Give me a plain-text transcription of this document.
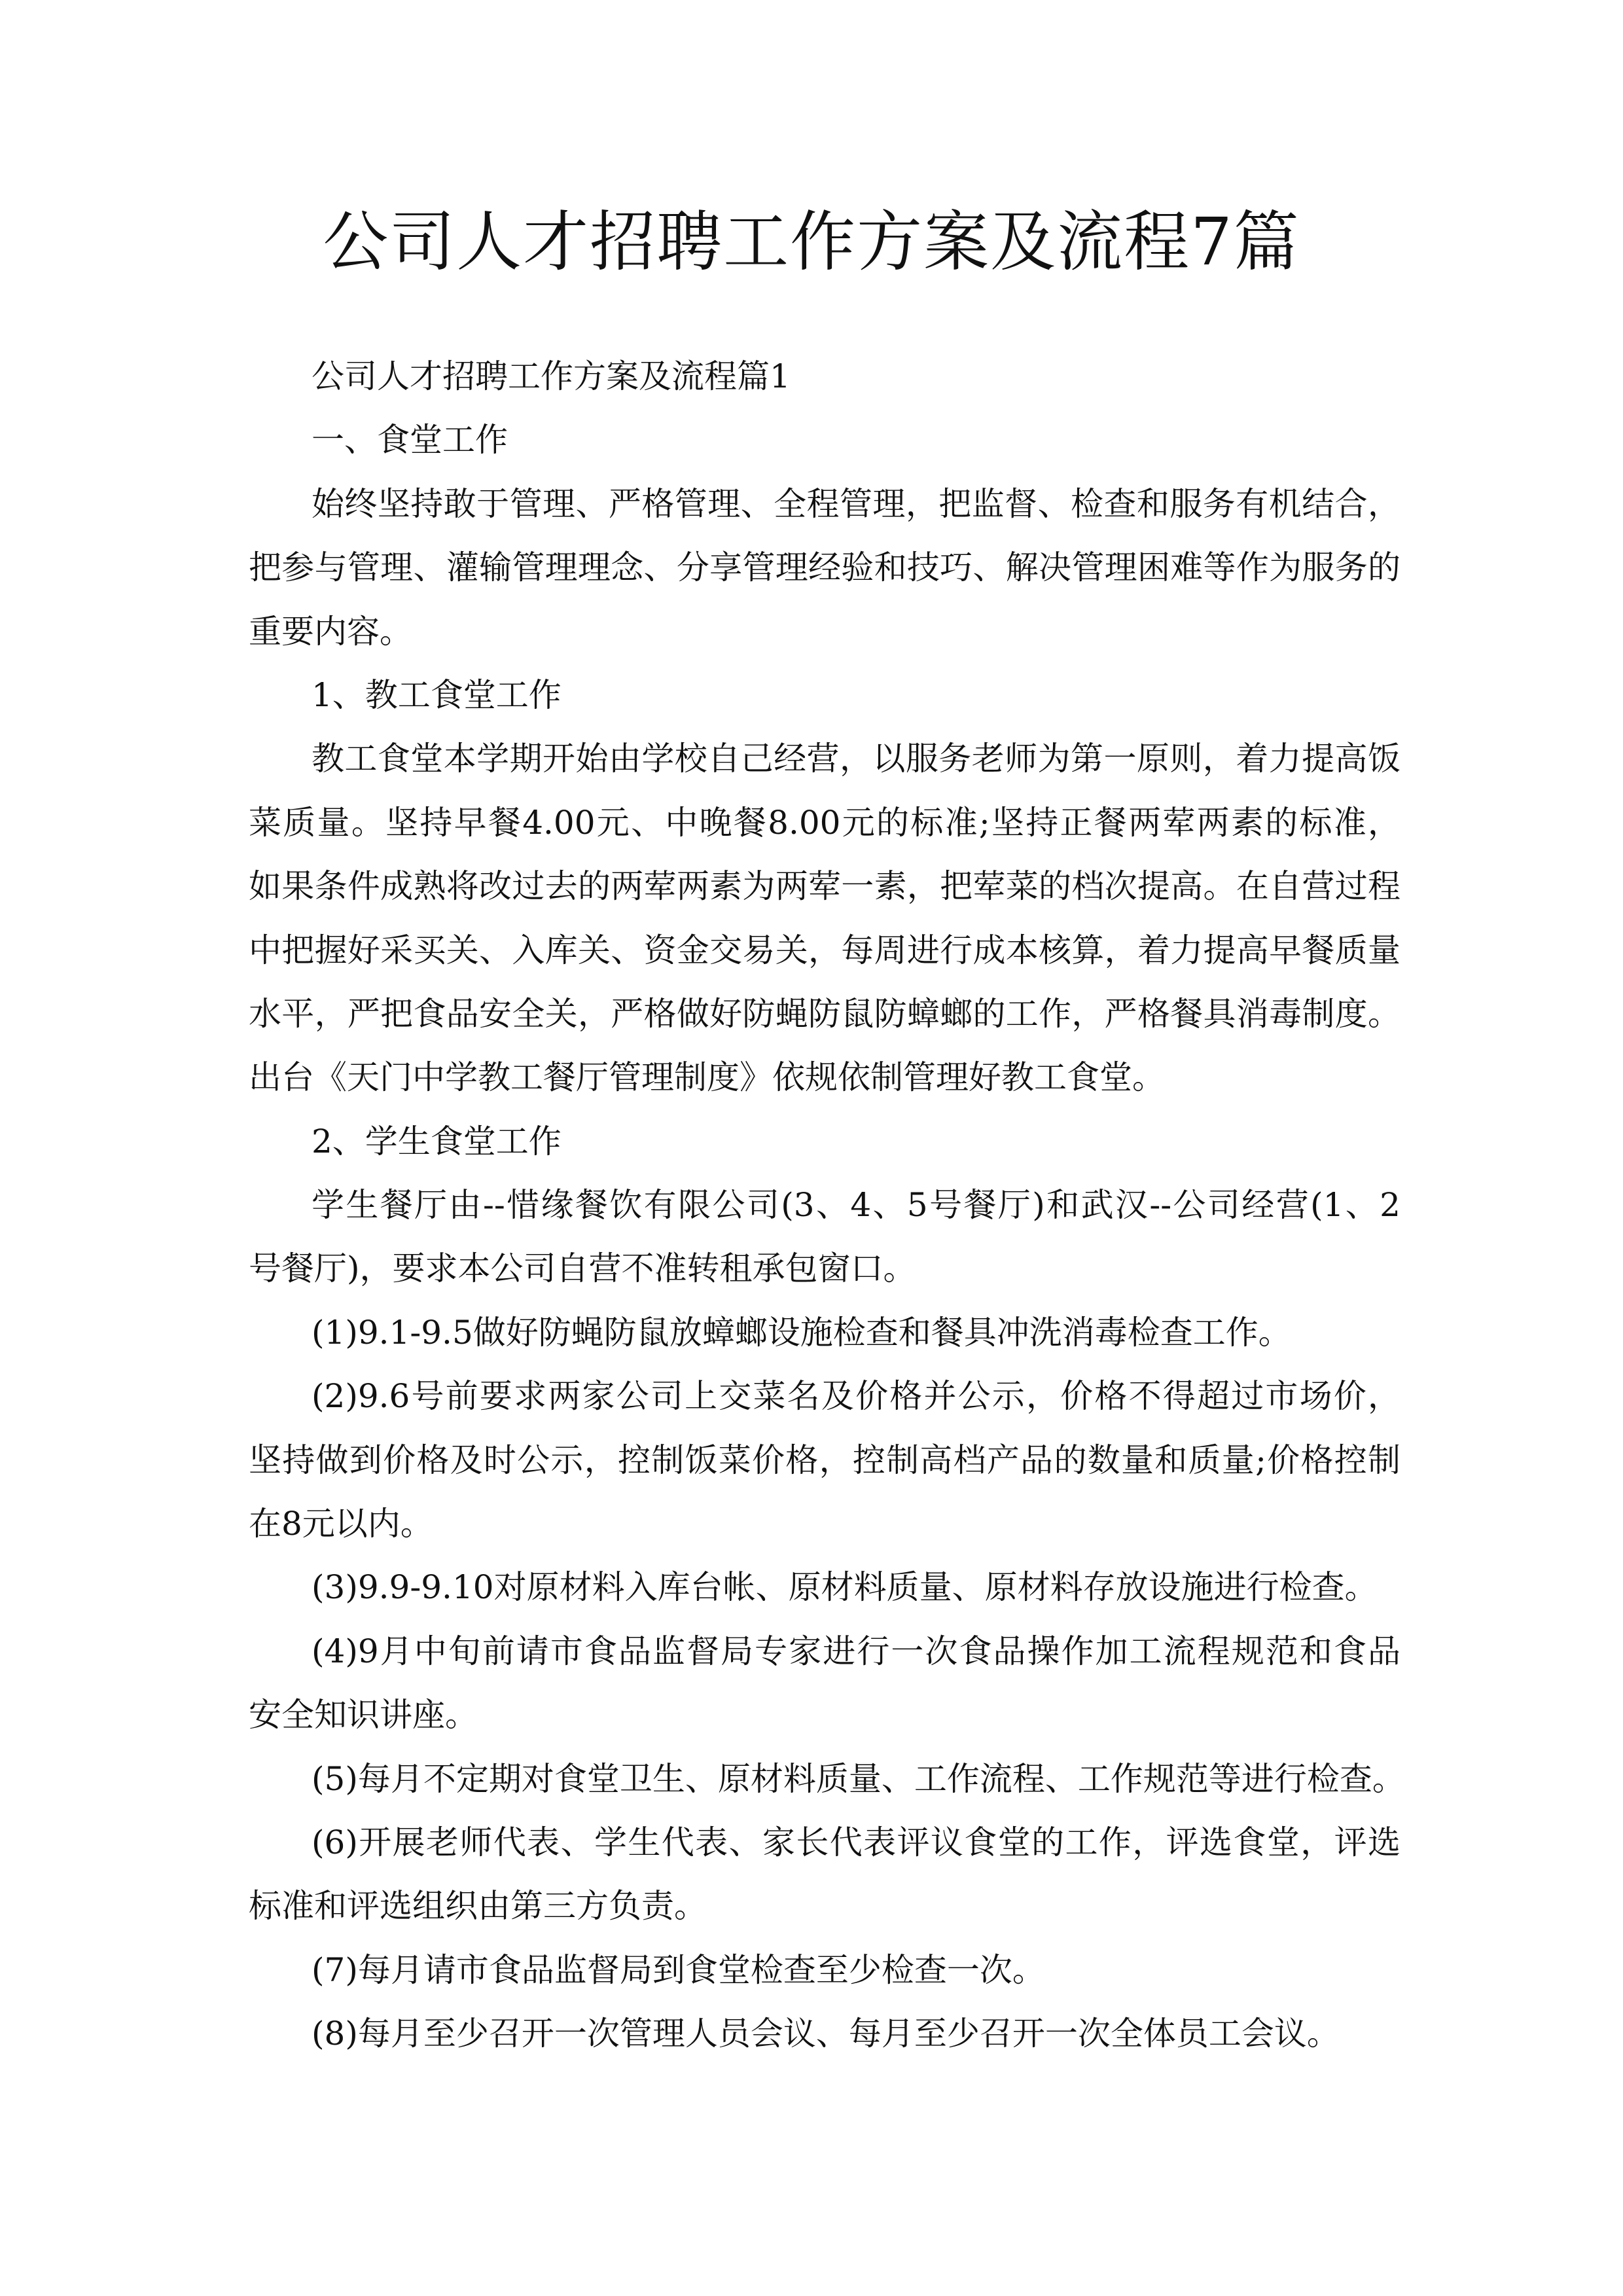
公司人才招聘工作方案及流程7篇
公司人才招聘工作方案及流程篇1
一、食堂工作
始终坚持敢于管理、严格管理、全程管理，把监督、检查和服务有机结合，
把参与管理、灌输管理理念、分享管理经验和技巧、解决管理困难等作为服务的
重要内容。
1、教工食堂工作
教工食堂本学期开始由学校自己经营，以服务老师为第一原则，着力提高饭
菜质量。坚持早餐4.00元、中晚餐8.00元的标准;坚持正餐两荤两素的标准，
如果条件成熟将改过去的两荤两素为两荤一素，把荤菜的档次提高。在自营过程
中把握好采买关、入库关、资金交易关，每周进行成本核算，着力提高早餐质量
水平，严把食品安全关，严格做好防蝇防鼠防蟑螂的工作，严格餐具消毒制度。
出台《天门中学教工餐厅管理制度》依规依制管理好教工食堂。
2、学生食堂工作
学生餐厅由--惜缘餐饮有限公司(3、4、5号餐厅)和武汉--公司经营(1、2
号餐厅)，要求本公司自营不准转租承包窗口。
(1)9.1-9.5做好防蝇防鼠放蟑螂设施检查和餐具冲洗消毒检查工作。
(2)9.6号前要求两家公司上交菜名及价格并公示，价格不得超过市场价，
坚持做到价格及时公示，控制饭菜价格，控制高档产品的数量和质量;价格控制
在8元以内。
(3)9.9-9.10对原材料入库台帐、原材料质量、原材料存放设施进行检查。
(4)9月中旬前请市食品监督局专家进行一次食品操作加工流程规范和食品
安全知识讲座。
(5)每月不定期对食堂卫生、原材料质量、工作流程、工作规范等进行检查。
(6)开展老师代表、学生代表、家长代表评议食堂的工作，评选食堂，评选
标准和评选组织由第三方负责。
(7)每月请市食品监督局到食堂检查至少检查一次。
(8)每月至少召开一次管理人员会议、每月至少召开一次全体员工会议。
